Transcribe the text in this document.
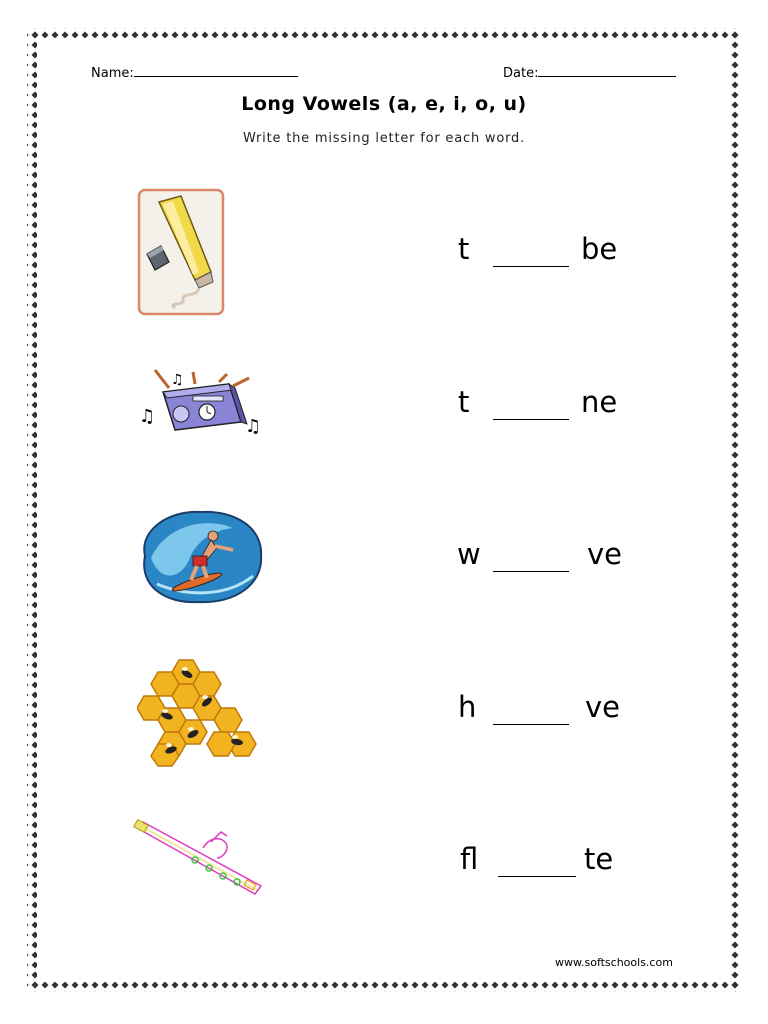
Name:	Date:
Long Vowels (a, e, i, o, u)
Write the missing letter for each word.
♫
♫
♫
t	be
t	ne
w	ve
h	ve
fl	te
www.softschools.com
